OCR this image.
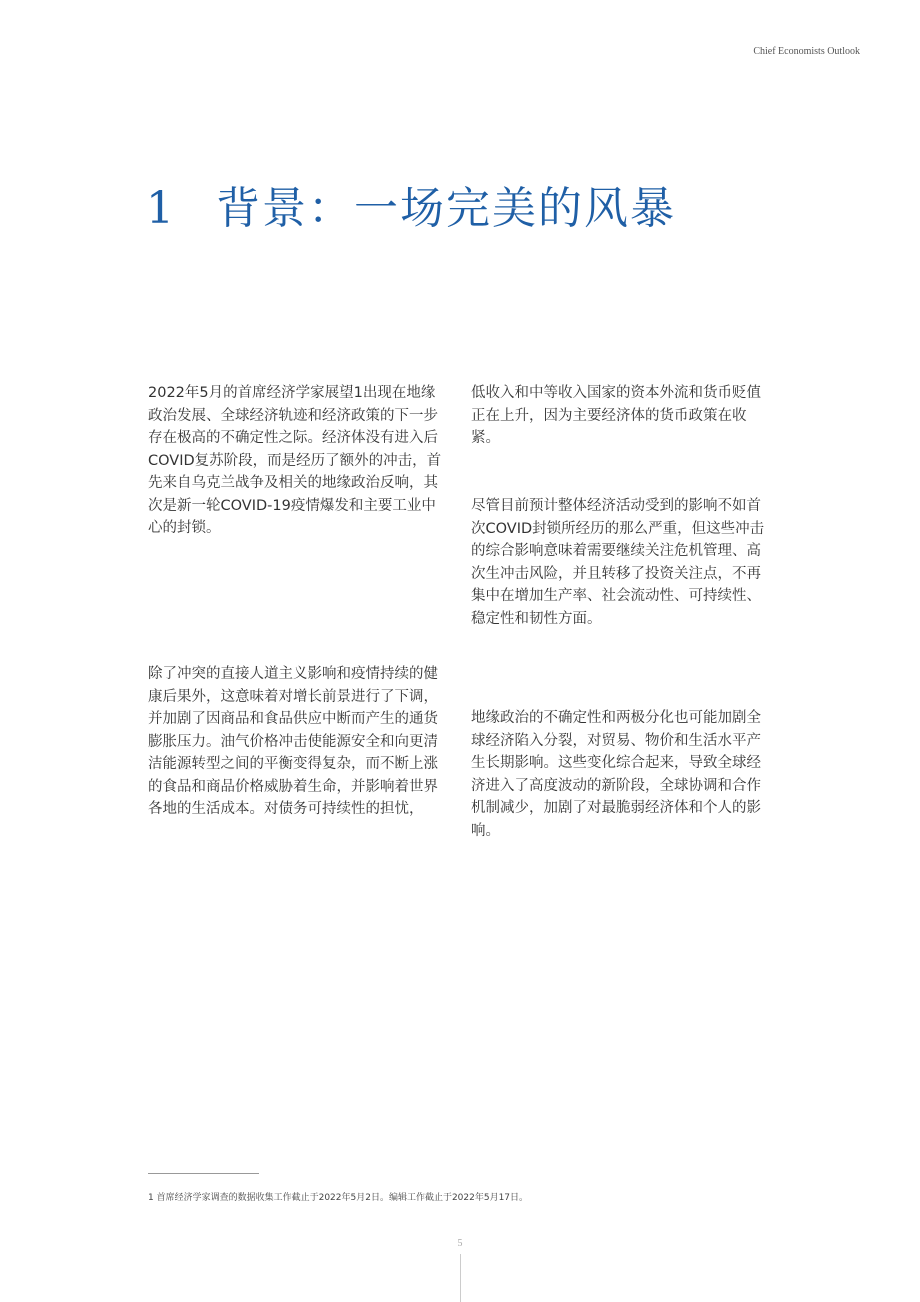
Chief Economists Outlook
1 背景：一场完美的风暴

2022年5月的首席经济学家展望1出现在地缘政治发展、全球经济轨迹和经济政策的下一步存在极高的不确定性之际。经济体没有进入后COVID复苏阶段，而是经历了额外的冲击，首先来自乌克兰战争及相关的地缘政治反响，其次是新一轮COVID-19疫情爆发和主要工业中心的封锁。

低收入和中等收入国家的资本外流和货币贬值正在上升，因为主要经济体的货币政策在收紧。

尽管目前预计整体经济活动受到的影响不如首次COVID封锁所经历的那么严重，但这些冲击的综合影响意味着需要继续关注危机管理、高次生冲击风险，并且转移了投资关注点，不再集中在增加生产率、社会流动性、可持续性、稳定性和韧性方面。

除了冲突的直接人道主义影响和疫情持续的健康后果外，这意味着对增长前景进行了下调，并加剧了因商品和食品供应中断而产生的通货膨胀压力。油气价格冲击使能源安全和向更清洁能源转型之间的平衡变得复杂，而不断上涨的食品和商品价格威胁着生命，并影响着世界各地的生活成本。对债务可持续性的担忧，

地缘政治的不确定性和两极分化也可能加剧全球经济陷入分裂，对贸易、物价和生活水平产生长期影响。这些变化综合起来，导致全球经济进入了高度波动的新阶段，全球协调和合作机制减少，加剧了对最脆弱经济体和个人的影响。

1 首席经济学家调查的数据收集工作截止于2022年5月2日。编辑工作截止于2022年5月17日。
5
